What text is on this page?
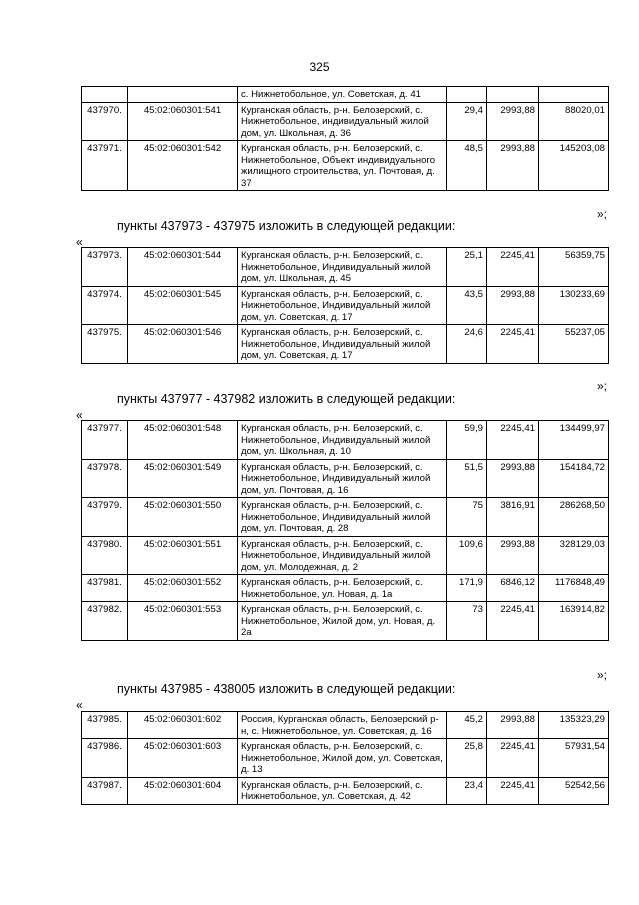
325
		с. Нижнетобольное, ул. Советская, д. 41			
437970.	45:02:060301:541	Курганская область, р-н. Белозерский, с. Нижнетобольное, индивидуальный жилой дом, ул. Школьная, д. 36	29,4	2993,88	88020,01
437971.	45:02:060301:542	Курганская область, р-н. Белозерский, с. Нижнетобольное, Объект индивидуального жилищного строительства, ул. Почтовая, д. 37	48,5	2993,88	145203,08
»;
пункты 437973 - 437975 изложить в следующей редакции:
«
437973.	45:02:060301:544	Курганская область, р-н. Белозерский, с. Нижнетобольное, Индивидуальный жилой дом, ул. Школьная, д. 45	25,1	2245,41	56359,75
437974.	45:02:060301:545	Курганская область, р-н. Белозерский, с. Нижнетобольное, Индивидуальный жилой дом, ул. Советская, д. 17	43,5	2993,88	130233,69
437975.	45:02:060301:546	Курганская область, р-н. Белозерский, с. Нижнетобольное, Индивидуальный жилой дом, ул. Советская, д. 17	24,6	2245,41	55237,05
»;
пункты 437977 - 437982 изложить в следующей редакции:
«
437977.	45:02:060301:548	Курганская область, р-н. Белозерский, с. Нижнетобольное, Индивидуальный жилой дом, ул. Школьная, д. 10	59,9	2245,41	134499,97
437978.	45:02:060301:549	Курганская область, р-н. Белозерский, с. Нижнетобольное, Индивидуальный жилой дом, ул. Почтовая, д. 16	51,5	2993,88	154184,72
437979.	45:02:060301:550	Курганская область, р-н. Белозерский, с. Нижнетобольное, Индивидуальный жилой дом, ул. Почтовая, д. 28	75	3816,91	286268,50
437980.	45:02:060301:551	Курганская область, р-н. Белозерский, с. Нижнетобольное, Индивидуальный жилой дом, ул. Молодежная, д. 2	109,6	2993,88	328129,03
437981.	45:02:060301:552	Курганская область, р-н. Белозерский, с. Нижнетобольное, ул. Новая, д. 1а	171,9	6846,12	1176848,49
437982.	45:02:060301:553	Курганская область, р-н. Белозерский, с. Нижнетобольное, Жилой дом, ул. Новая, д. 2а	73	2245,41	163914,82
»;
пункты 437985 - 438005 изложить в следующей редакции:
«
437985.	45:02:060301:602	Россия, Курганская область, Белозерский р-н, с. Нижнетобольное, ул. Советская, д. 16	45,2	2993,88	135323,29
437986.	45:02:060301:603	Курганская область, р-н. Белозерский, с. Нижнетобольное, Жилой дом, ул. Советская, д. 13	25,8	2245,41	57931,54
437987.	45:02:060301:604	Курганская область, р-н. Белозерский, с. Нижнетобольное, ул. Советская, д. 42	23,4	2245,41	52542,56
